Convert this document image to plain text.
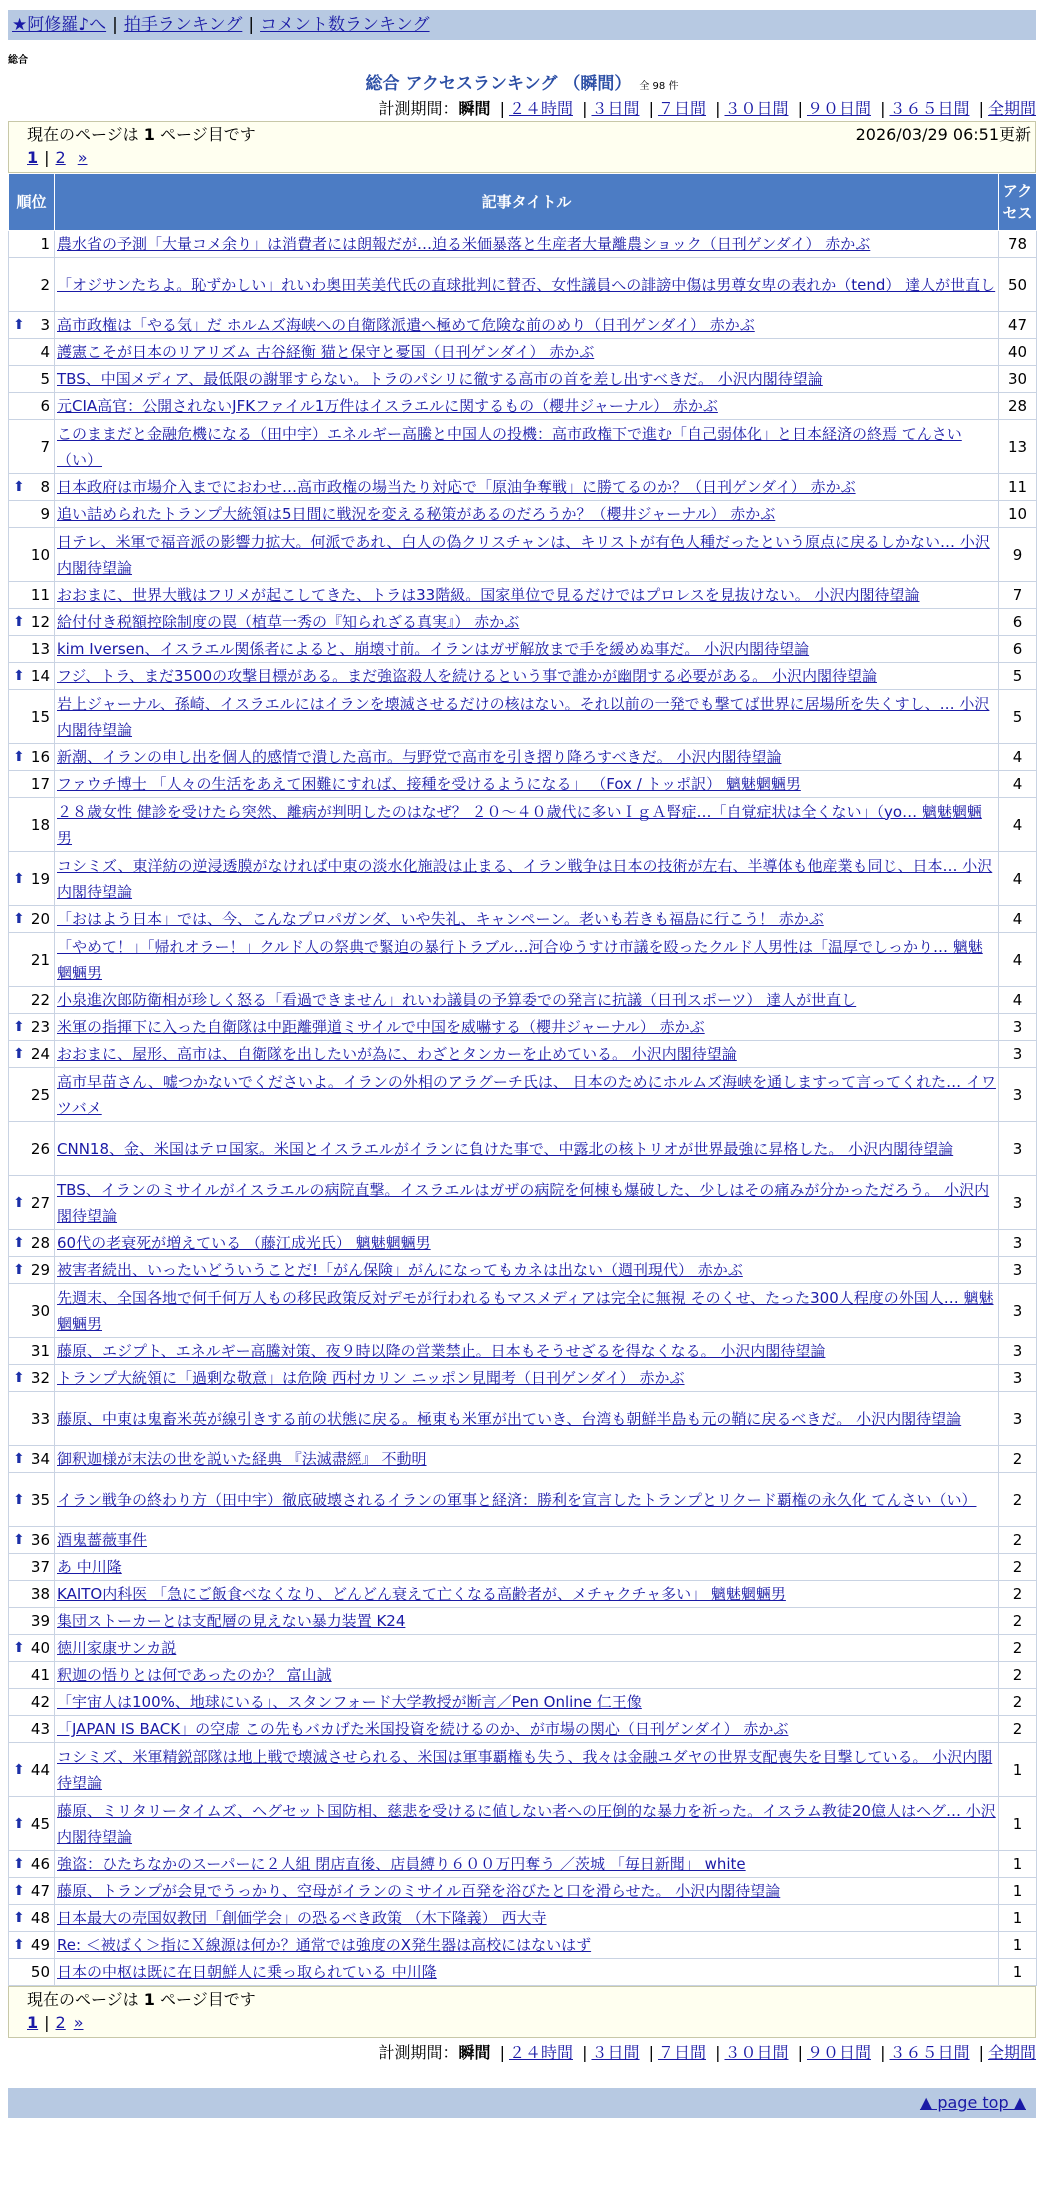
★阿修羅♪へ | 拍手ランキング | コメント数ランキング
総合
総合 アクセスランキング （瞬間） 全 98 件
計測期間：瞬間 | ２４時間 | ３日間 | ７日間 | ３０日間 | ９０日間 | ３６５日間 | 全期間
現在のページは 1 ページ目です	2026/03/29 06:51更新
1 | 2 »
順位	記事タイトル	アクセス
1	農水省の予測「大量コメ余り」は消費者には朗報だが…迫る米価暴落と生産者大量離農ショック（日刊ゲンダイ） 赤かぶ	78
2	「オジサンたちよ。恥ずかしい」れいわ奥田芙美代氏の直球批判に賛否、女性議員への誹謗中傷は男尊女卑の表れか（tend） 達人が世直し	50

⬆ 3	高市政権は「やる気」だ ホルムズ海峡への自衛隊派遣へ極めて危険な前のめり（日刊ゲンダイ） 赤かぶ	47
4	護憲こそが日本のリアリズム 古谷経衡 猫と保守と憂国（日刊ゲンダイ） 赤かぶ	40
5	TBS、中国メディア、最低限の謝罪すらない。トラのパシリに徹する高市の首を差し出すべきだ。 小沢内閣待望論	30
6	元CIA高官：公開されないJFKファイル1万件はイスラエルに関するもの（櫻井ジャーナル） 赤かぶ	28
7	このままだと金融危機になる（田中宇）エネルギー高騰と中国人の投機：高市政権下で進む「自己弱体化」と日本経済の終焉 てんさい（い）	13

⬆ 8	日本政府は市場介入までにおわせ…高市政権の場当たり対応で「原油争奪戦」に勝てるのか？（日刊ゲンダイ） 赤かぶ	11
9	追い詰められたトランプ大統領は5日間に戦況を変える秘策があるのだろうか？（櫻井ジャーナル） 赤かぶ	10
10	日テレ、米軍で福音派の影響力拡大。何派であれ、白人の偽クリスチャンは、キリストが有色人種だったという原点に戻るしかない… 小沢内閣待望論	9
11	おおまに、世界大戦はフリメが起こしてきた、トラは33階級。国家単位で見るだけではプロレスを見抜けない。 小沢内閣待望論	7

⬆ 12	給付付き税額控除制度の罠（植草一秀の『知られざる真実』） 赤かぶ	6
13	kim Iversen、イスラエル関係者によると、崩壊寸前。イランはガザ解放まで手を緩めぬ事だ。 小沢内閣待望論	6

⬆ 14	フジ、トラ、まだ3500の攻撃目標がある。まだ強盗殺人を続けるという事で誰かが幽閉する必要がある。 小沢内閣待望論	5
15	岩上ジャーナル、孫崎、イスラエルにはイランを壊滅させるだけの核はない。それ以前の一発でも撃てば世界に居場所を失くすし、… 小沢内閣待望論	5

⬆ 16	新潮、イランの申し出を個人的感情で潰した高市。与野党で高市を引き摺り降ろすべきだ。 小沢内閣待望論	4
17	ファウチ博士 「人々の生活をあえて困難にすれば、接種を受けるようになる」 （Fox / トッポ訳） 魑魅魍魎男	4
18	２８歳女性 健診を受けたら突然、離病が判明したのはなぜ？ ２０～４０歳代に多いＩｇＡ腎症…「自覚症状は全くない」（yo… 魑魅魍魎男	4

⬆ 19	コシミズ、東洋紡の逆浸透膜がなければ中東の淡水化施設は止まる、イラン戦争は日本の技術が左右、半導体も他産業も同じ、日本… 小沢内閣待望論	4

⬆ 20	「おはよう日本」では、今、こんなプロパガンダ、いや失礼、キャンペーン。老いも若きも福島に行こう！ 赤かぶ	4
21	「やめて！」「帰れオラー！」クルド人の祭典で緊迫の暴行トラブル…河合ゆうすけ市議を殴ったクルド人男性は「温厚でしっかり… 魑魅魍魎男	4
22	小泉進次郎防衛相が珍しく怒る「看過できません」れいわ議員の予算委での発言に抗議（日刊スポーツ） 達人が世直し	4

⬆ 23	米軍の指揮下に入った自衛隊は中距離弾道ミサイルで中国を威嚇する（櫻井ジャーナル） 赤かぶ	3

⬆ 24	おおまに、屋形、高市は、自衛隊を出したいが為に、わざとタンカーを止めている。 小沢内閣待望論	3
25	高市早苗さん、嘘つかないでくださいよ。イランの外相のアラグーチ氏は、 日本のためにホルムズ海峡を通しますって言ってくれた… イワツバメ	3
26	CNN18、金、米国はテロ国家。米国とイスラエルがイランに負けた事で、中露北の核トリオが世界最強に昇格した。 小沢内閣待望論	3

⬆ 27	TBS、イランのミサイルがイスラエルの病院直撃。イスラエルはガザの病院を何棟も爆破した、少しはその痛みが分かっただろう。 小沢内閣待望論	3

⬆ 28	60代の老衰死が増えている （藤江成光氏） 魑魅魍魎男	3

⬆ 29	被害者続出、いったいどういうことだ!「がん保険」がんになってもカネは出ない（週刊現代） 赤かぶ	3
30	先週末、全国各地で何千何万人もの移民政策反対デモが行われるもマスメディアは完全に無視 そのくせ、たった300人程度の外国人… 魑魅魍魎男	3
31	藤原、エジプト、エネルギー高騰対策、夜９時以降の営業禁止。日本もそうせざるを得なくなる。 小沢内閣待望論	3

⬆ 32	トランプ大統領に「過剰な敬意」は危険 西村カリン ニッポン見聞考（日刊ゲンダイ） 赤かぶ	3
33	藤原、中東は鬼畜米英が線引きする前の状態に戻る。極東も米軍が出ていき、台湾も朝鮮半島も元の鞘に戻るべきだ。 小沢内閣待望論	3

⬆ 34	御釈迦様が末法の世を説いた経典 『法滅盡經』 不動明	2

⬆ 35	イラン戦争の終わり方（田中宇）徹底破壊されるイランの軍事と経済：勝利を宣言したトランプとリクード覇権の永久化 てんさい（い）	2

⬆ 36	酒鬼薔薇事件	2
37	あ 中川隆	2
38	KAITO内科医 「急にご飯食べなくなり、どんどん衰えて亡くなる高齢者が、メチャクチャ多い」 魑魅魍魎男	2
39	集団ストーカーとは支配層の見えない暴力装置 K24	2

⬆ 40	徳川家康サンカ説	2
41	釈迦の悟りとは何であったのか？ 富山誠	2
42	「宇宙人は100%、地球にいる」、スタンフォード大学教授が断言／Pen Online 仁王像	2
43	「JAPAN IS BACK」の空虚 この先もバカげた米国投資を続けるのか、が市場の関心（日刊ゲンダイ） 赤かぶ	2

⬆ 44	コシミズ、米軍精鋭部隊は地上戦で壊滅させられる、米国は軍事覇権も失う、我々は金融ユダヤの世界支配喪失を目撃している。 小沢内閣待望論	1

⬆ 45	藤原、ミリタリータイムズ、ヘグセット国防相、慈悲を受けるに値しない者への圧倒的な暴力を祈った。イスラム教徒20億人はヘグ… 小沢内閣待望論	1

⬆ 46	強盗：ひたちなかのスーパーに２人組 閉店直後、店員縛り６００万円奪う ／茨城 「毎日新聞」 white	1

⬆ 47	藤原、トランプが会見でうっかり、空母がイランのミサイル百発を浴びたと口を滑らせた。 小沢内閣待望論	1

⬆ 48	日本最大の売国奴教団「創価学会」の恐るべき政策 （木下隆義） 西大寺	1

⬆ 49	Re: ＜被ばく＞指にＸ線源は何か？通常では強度のX発生器は高校にはないはず	1
50	日本の中枢は既に在日朝鮮人に乗っ取られている 中川隆	1
現在のページは 1 ページ目です
1 | 2 »
計測期間：瞬間 | ２４時間 | ３日間 | ７日間 | ３０日間 | ９０日間 | ３６５日間 | 全期間
▲ page top ▲
